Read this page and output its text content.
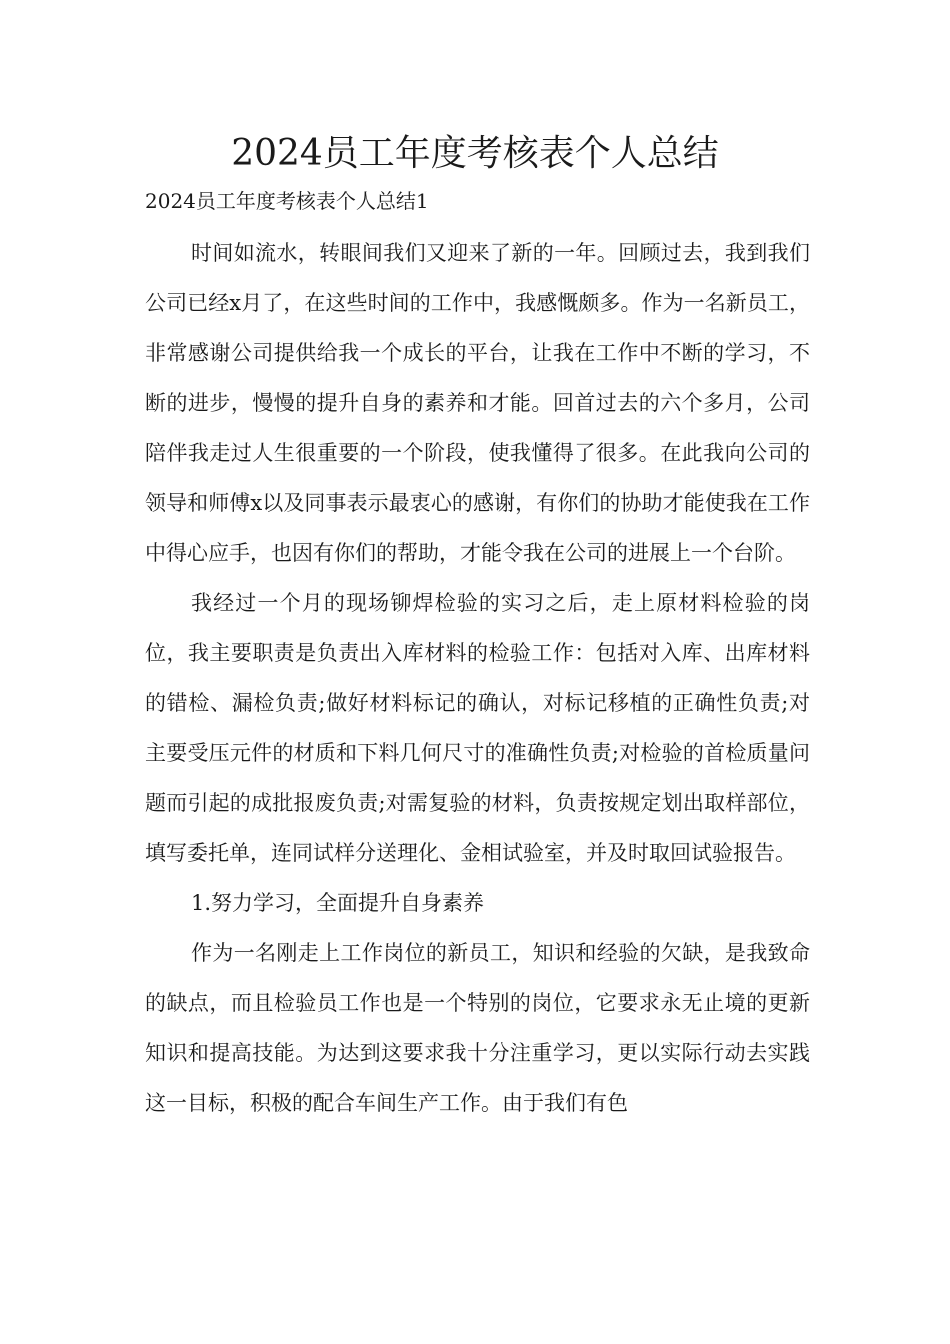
2024员工年度考核表个人总结

2024员工年度考核表个人总结1

时间如流水，转眼间我们又迎来了新的一年。回顾过去，我到我们公司已经x月了，在这些时间的工作中，我感慨颇多。作为一名新员工，非常感谢公司提供给我一个成长的平台，让我在工作中不断的学习，不断的进步，慢慢的提升自身的素养和才能。回首过去的六个多月，公司陪伴我走过人生很重要的一个阶段，使我懂得了很多。在此我向公司的领导和师傅x以及同事表示最衷心的感谢，有你们的协助才能使我在工作中得心应手，也因有你们的帮助，才能令我在公司的进展上一个台阶。

我经过一个月的现场铆焊检验的实习之后，走上原材料检验的岗位，我主要职责是负责出入库材料的检验工作：包括对入库、出库材料的错检、漏检负责;做好材料标记的确认，对标记移植的正确性负责;对主要受压元件的材质和下料几何尺寸的准确性负责;对检验的首检质量问题而引起的成批报废负责;对需复验的材料，负责按规定划出取样部位，填写委托单，连同试样分送理化、金相试验室，并及时取回试验报告。

1.努力学习，全面提升自身素养

作为一名刚走上工作岗位的新员工，知识和经验的欠缺，是我致命的缺点，而且检验员工作也是一个特别的岗位，它要求永无止境的更新知识和提高技能。为达到这要求我十分注重学习，更以实际行动去实践这一目标，积极的配合车间生产工作。由于我们有色
